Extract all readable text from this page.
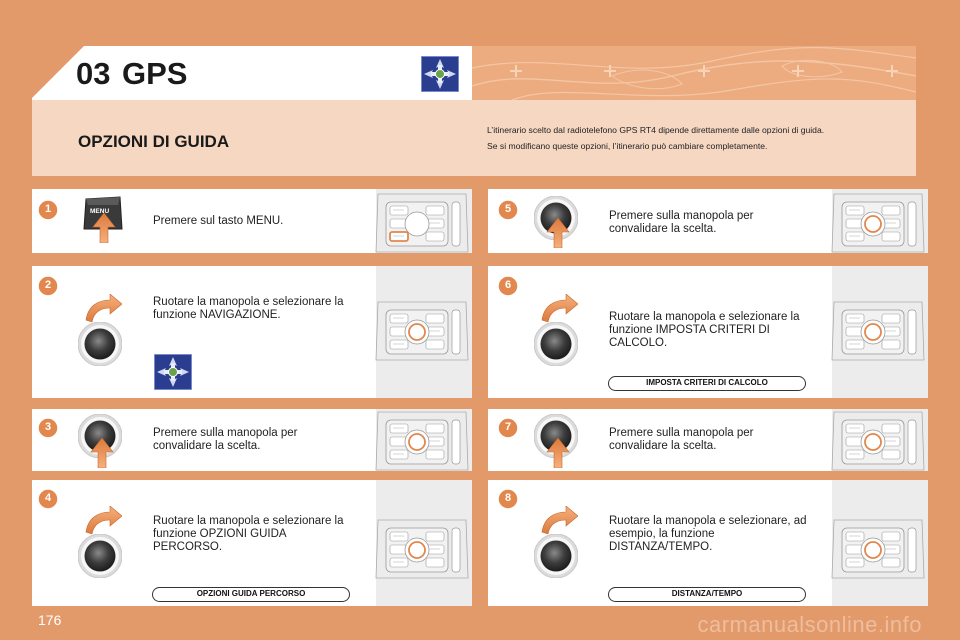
03 GPS
OPZIONI DI GUIDA
L’itinerario scelto dal radiotelefono GPS RT4 dipende direttamente dalle opzioni di guida.
Se si modificano queste opzioni, l’itinerario può cambiare completamente.
1	MENU
Premere sul tasto MENU.
2
Ruotare la manopola e selezionare la funzione NAVIGAZIONE.
3	Premere sulla manopola per convalidare la scelta.
4
Ruotare la manopola e selezionare la funzione OPZIONI GUIDA PERCORSO.
OPZIONI GUIDA PERCORSO
5
Premere sulla manopola per convalidare la scelta.
6
Ruotare la manopola e selezionare la funzione IMPOSTA CRITERI DI CALCOLO.
IMPOSTA CRITERI DI CALCOLO
7	Premere sulla manopola per convalidare la scelta.
8
Ruotare la manopola e selezionare, ad esempio, la funzione DISTANZA/TEMPO.
DISTANZA/TEMPO
176	carmanualsonline.info
